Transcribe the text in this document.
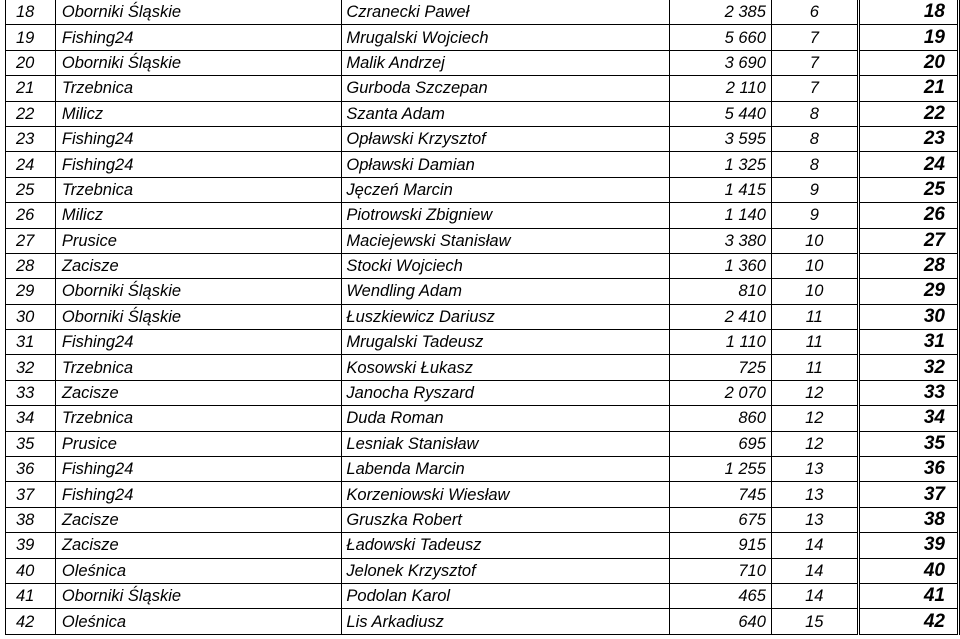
18	Oborniki Śląskie	Czranecki Paweł	2 385	6	18
19	Fishing24	Mrugalski Wojciech	5 660	7	19
20	Oborniki Śląskie	Malik Andrzej	3 690	7	20
21	Trzebnica	Gurboda Szczepan	2 110	7	21
22	Milicz	Szanta Adam	5 440	8	22
23	Fishing24	Opławski Krzysztof	3 595	8	23
24	Fishing24	Opławski Damian	1 325	8	24
25	Trzebnica	Jęczeń Marcin	1 415	9	25
26	Milicz	Piotrowski Zbigniew	1 140	9	26
27	Prusice	Maciejewski Stanisław	3 380	10	27
28	Zacisze	Stocki Wojciech	1 360	10	28
29	Oborniki Śląskie	Wendling Adam	810	10	29
30	Oborniki Śląskie	Łuszkiewicz Dariusz	2 410	11	30
31	Fishing24	Mrugalski Tadeusz	1 110	11	31
32	Trzebnica	Kosowski Łukasz	725	11	32
33	Zacisze	Janocha Ryszard	2 070	12	33
34	Trzebnica	Duda Roman	860	12	34
35	Prusice	Lesniak Stanisław	695	12	35
36	Fishing24	Labenda Marcin	1 255	13	36
37	Fishing24	Korzeniowski Wiesław	745	13	37
38	Zacisze	Gruszka Robert	675	13	38
39	Zacisze	Ładowski Tadeusz	915	14	39
40	Oleśnica	Jelonek Krzysztof	710	14	40
41	Oborniki Śląskie	Podolan Karol	465	14	41
42	Oleśnica	Lis Arkadiusz	640	15	42
